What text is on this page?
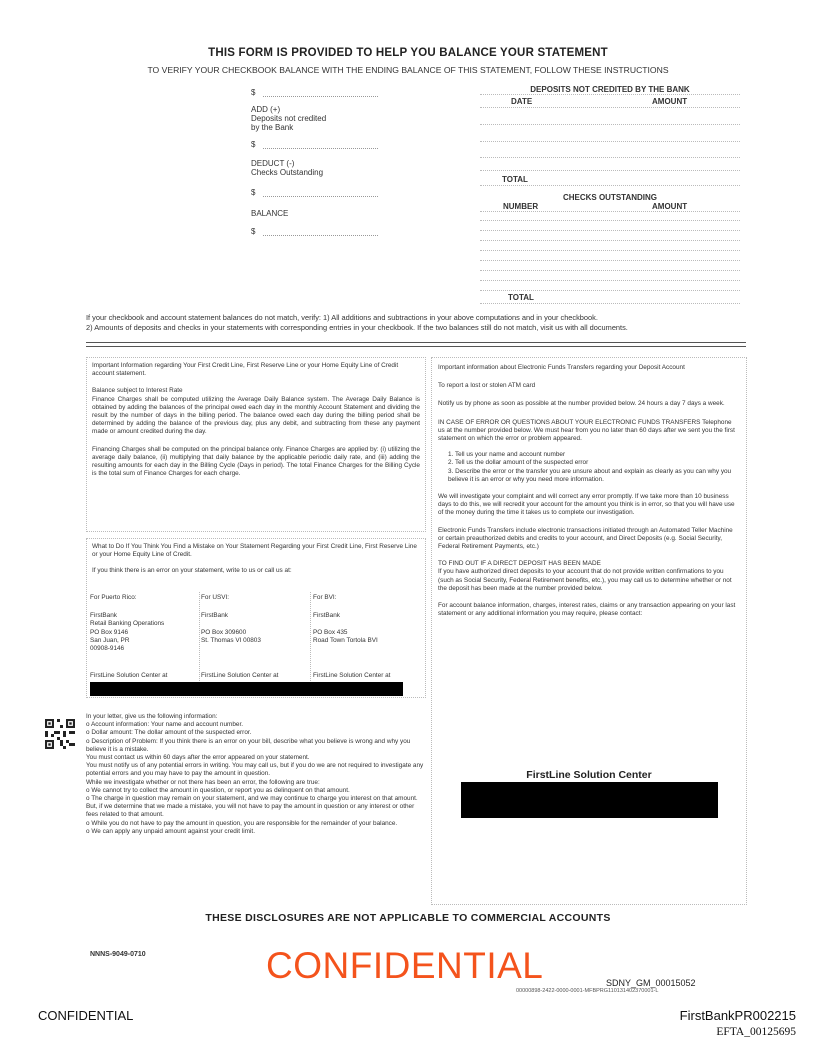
THIS FORM IS PROVIDED TO HELP YOU BALANCE YOUR STATEMENT
TO VERIFY YOUR CHECKBOOK BALANCE WITH THE ENDING BALANCE OF THIS STATEMENT, FOLLOW THESE INSTRUCTIONS
$
ADD (+)
Deposits not credited
by the Bank
$
DEDUCT (-)
Checks Outstanding
$
BALANCE
$
DEPOSITS NOT CREDITED BY THE BANK
DATE	AMOUNT
TOTAL
CHECKS OUTSTANDING
NUMBER	AMOUNT
TOTAL
If your checkbook and account statement balances do not match, verify: 1) All additions and subtractions in your above computations and in your checkbook.
2) Amounts of deposits and checks in your statements with corresponding entries in your checkbook. If the two balances still do not match, visit us with all documents.

Important Information regarding Your First Credit Line, First Reserve Line or your Home Equity Line of Credit account statement.

Balance subject to Interest Rate

Finance Charges shall be computed utilizing the Average Daily Balance system. The Average Daily Balance is obtained by adding the balances of the principal owed each day in the monthly Account Statement and dividing the result by the number of days in the billing period. The balance owed each day during the billing period shall be determined by adding the balance of the previous day, plus any debit, and subtracting from these any payment made or amount credited during the day.

Financing Charges shall be computed on the principal balance only. Finance Charges are applied by: (i) utilizing the average daily balance, (ii) multiplying that daily balance by the applicable periodic daily rate, and (iii) adding the resulting amounts for each day in the Billing Cycle (Days in period). The total Finance Charges for the Billing Cycle is the total sum of Finance Charges for each charge.

What to Do If You Think You Find a Mistake on Your Statement Regarding your First Credit Line, First Reserve Line or your Home Equity Line of Credit.

If you think there is an error on your statement, write to us or call us at:

For Puerto Rico:
FirstBank
Retail Banking Operations
PO Box 9146
San Juan, PR
00908-9146
For USVI:
FirstBank
PO Box 309600
St. Thomas VI 00803
For BVI:
FirstBank
PO Box 435
Road Town Tortola BVI
FirstLine Solution Center at	FirstLine Solution Center at	FirstLine Solution Center at
In your letter, give us the following information:
o Account information: Your name and account number.
o Dollar amount: The dollar amount of the suspected error.
o Description of Problem: If you think there is an error on your bill, describe what you believe is wrong and why you believe it is a mistake.
You must contact us within 60 days after the error appeared on your statement.
You must notify us of any potential errors in writing. You may call us, but if you do we are not required to investigate any potential errors and you may have to pay the amount in question.
While we investigate whether or not there has been an error, the following are true:
o We cannot try to collect the amount in question, or report you as delinquent on that amount.
o The charge in question may remain on your statement, and we may continue to charge you interest on that amount. But, if we determine that we made a mistake, you will not have to pay the amount in question or any interest or other fees related to that amount.
o While you do not have to pay the amount in question, you are responsible for the remainder of your balance.
o We can apply any unpaid amount against your credit limit.

Important information about Electronic Funds Transfers regarding your Deposit Account

To report a lost or stolen ATM card

Notify us by phone as soon as possible at the number provided below. 24 hours a day 7 days a week.

IN CASE OF ERROR OR QUESTIONS ABOUT YOUR ELECTRONIC FUNDS TRANSFERS Telephone us at the number provided below. We must hear from you no later than 60 days after we sent you the first statement on which the error or problem appeared.

1. Tell us your name and account number
2. Tell us the dollar amount of the suspected error
3. Describe the error or the transfer you are unsure about and explain as clearly as you can why you believe it is an error or why you need more information.

We will investigate your complaint and will correct any error promptly. If we take more than 10 business days to do this, we will recredit your account for the amount you think is in error, so that you will have use of the money during the time it takes us to complete our investigation.

Electronic Funds Transfers include electronic transactions initiated through an Automated Teller Machine or certain preauthorized debits and credits to your account, and Direct Deposits (e.g. Social Security, Federal Retirement Payments, etc.)

TO FIND OUT IF A DIRECT DEPOSIT HAS BEEN MADE

If you have authorized direct deposits to your account that do not provide written confirmations to you (such as Social Security, Federal Retirement benefits, etc.), you may call us to determine whether or not the deposit has been made at the number provided below.

For account balance information, charges, interest rates, claims or any transaction appearing on your last statement or any additional information you may require, please contact:

FirstLine Solution Center
THESE DISCLOSURES ARE NOT APPLICABLE TO COMMERCIAL ACCOUNTS
NNNS-9049-0710	CONFIDENTIAL	SDNY_GM_00015052
00000898-2422-0000-0001-MFBPRG110131402370001-L
CONFIDENTIAL	FirstBankPR002215
EFTA_00125695
